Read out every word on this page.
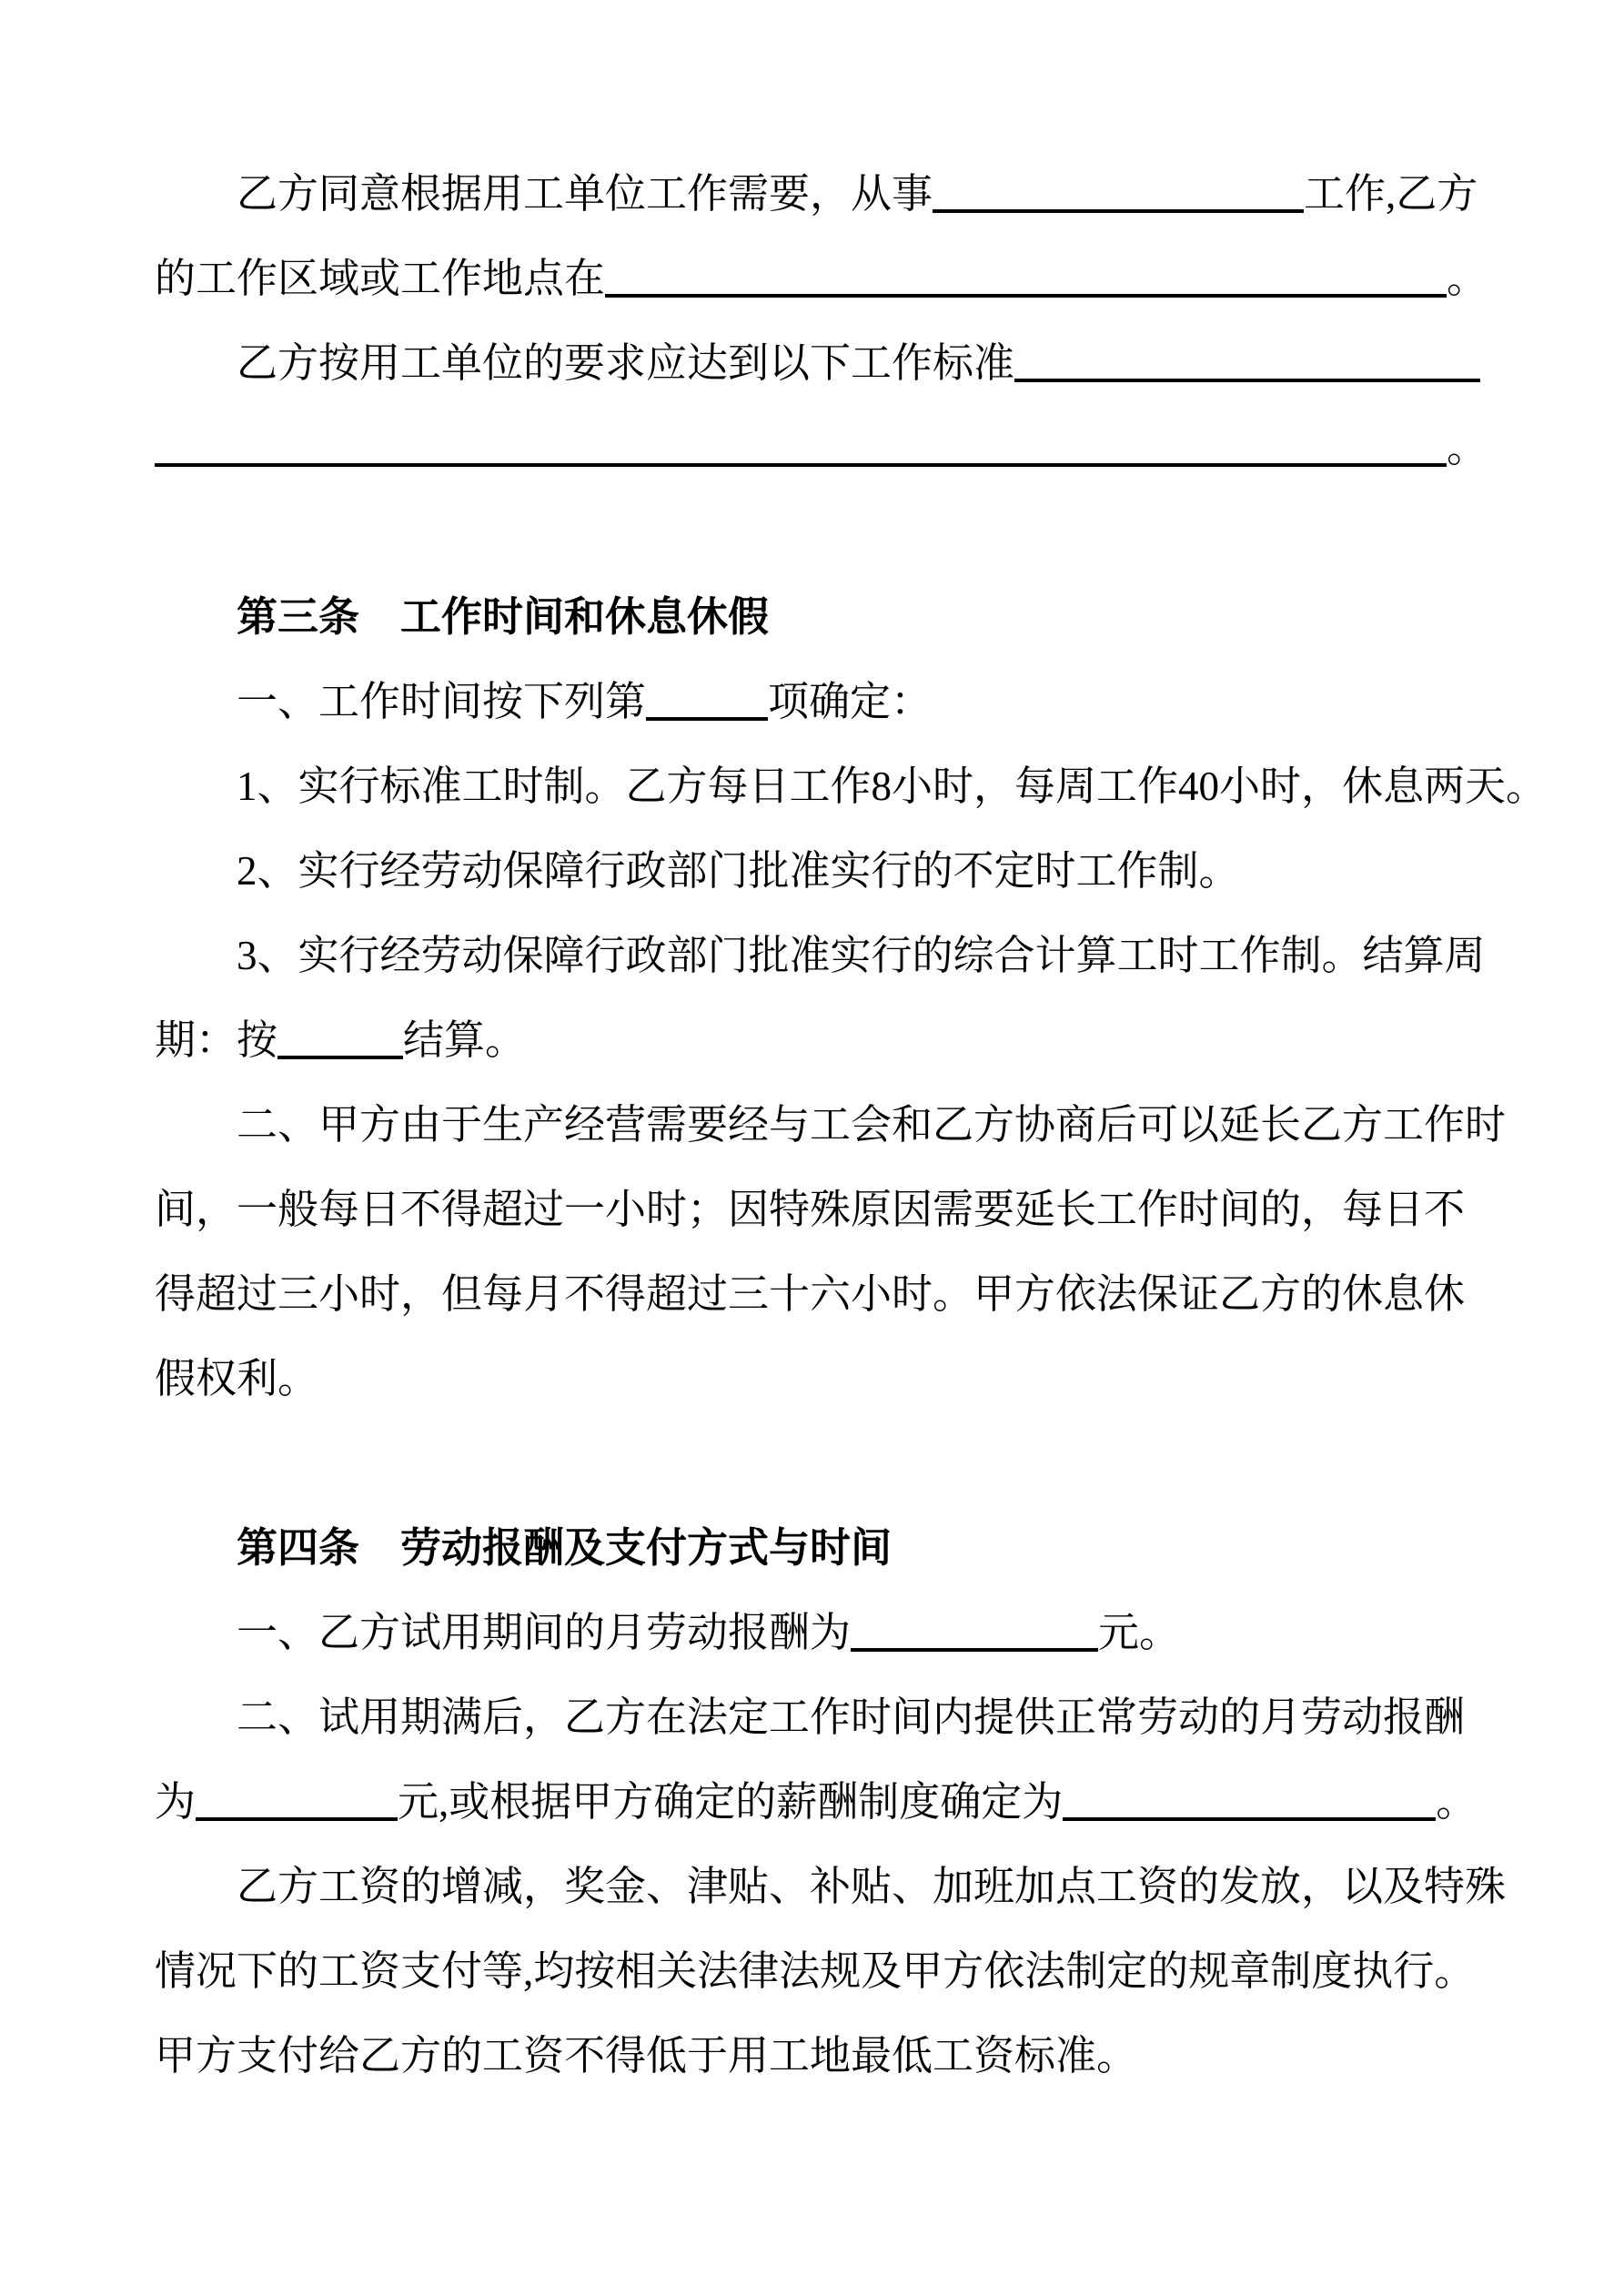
乙方同意根据用工单位工作需要，从事	工作,乙方
的工作区域或工作地点在	。
乙方按用工单位的要求应达到以下工作标准
。
第三条　工作时间和休息休假
一、工作时间按下列第	项确定：
1、实行标准工时制。乙方每日工作8小时，每周工作40小时，休息两天。
2、实行经劳动保障行政部门批准实行的不定时工作制。
3、实行经劳动保障行政部门批准实行的综合计算工时工作制。结算周
期：按	结算。
二、甲方由于生产经营需要经与工会和乙方协商后可以延长乙方工作时
间，一般每日不得超过一小时；因特殊原因需要延长工作时间的，每日不
得超过三小时，但每月不得超过三十六小时。甲方依法保证乙方的休息休
假权利。
第四条　劳动报酬及支付方式与时间
一、乙方试用期间的月劳动报酬为	元。
二、试用期满后，乙方在法定工作时间内提供正常劳动的月劳动报酬
为	元,或根据甲方确定的薪酬制度确定为	。
乙方工资的增减，奖金、津贴、补贴、加班加点工资的发放，以及特殊
情况下的工资支付等,均按相关法律法规及甲方依法制定的规章制度执行。
甲方支付给乙方的工资不得低于用工地最低工资标准。
